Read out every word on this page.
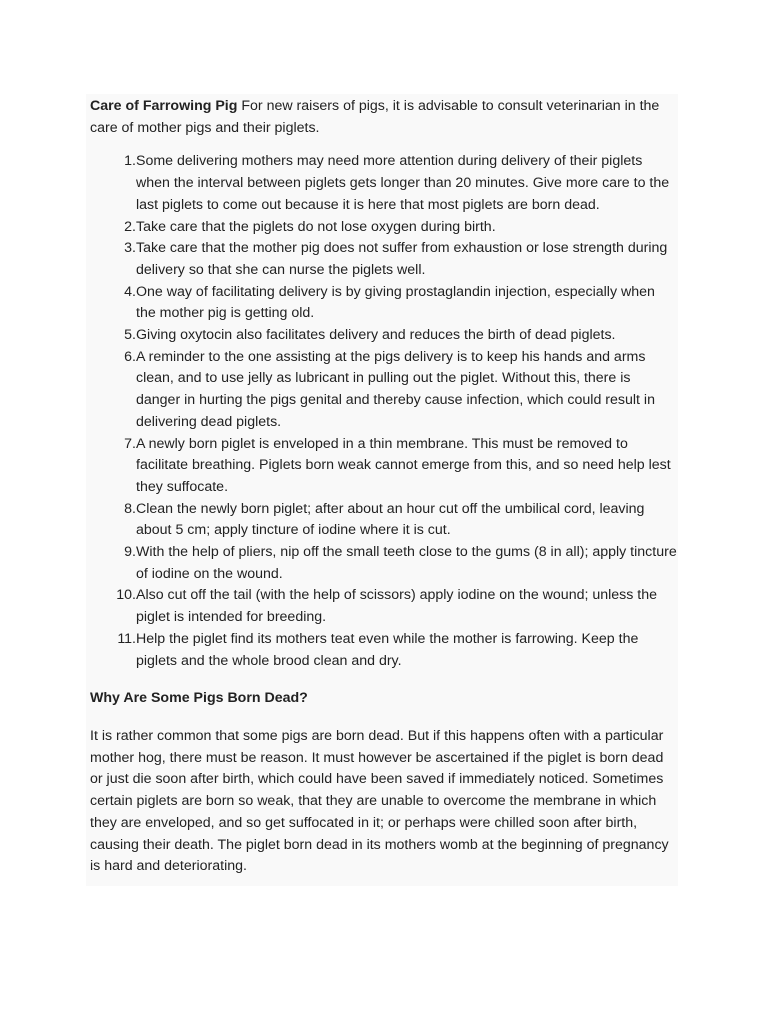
Care of Farrowing Pig For new raisers of pigs, it is advisable to consult veterinarian in the care of mother pigs and their piglets.

1. Some delivering mothers may need more attention during delivery of their piglets when the interval between piglets gets longer than 20 minutes. Give more care to the last piglets to come out because it is here that most piglets are born dead.
2. Take care that the piglets do not lose oxygen during birth.
3. Take care that the mother pig does not suffer from exhaustion or lose strength during delivery so that she can nurse the piglets well.
4. One way of facilitating delivery is by giving prostaglandin injection, especially when the mother pig is getting old.
5. Giving oxytocin also facilitates delivery and reduces the birth of dead piglets.
6. A reminder to the one assisting at the pigs delivery is to keep his hands and arms clean, and to use jelly as lubricant in pulling out the piglet. Without this, there is danger in hurting the pigs genital and thereby cause infection, which could result in delivering dead piglets.
7. A newly born piglet is enveloped in a thin membrane. This must be removed to facilitate breathing. Piglets born weak cannot emerge from this, and so need help lest they suffocate.
8. Clean the newly born piglet; after about an hour cut off the umbilical cord, leaving about 5 cm; apply tincture of iodine where it is cut.
9. With the help of pliers, nip off the small teeth close to the gums (8 in all); apply tincture of iodine on the wound.
10. Also cut off the tail (with the help of scissors) apply iodine on the wound; unless the piglet is intended for breeding.
11. Help the piglet find its mothers teat even while the mother is farrowing. Keep the piglets and the whole brood clean and dry.

Why Are Some Pigs Born Dead?

It is rather common that some pigs are born dead. But if this happens often with a particular mother hog, there must be reason. It must however be ascertained if the piglet is born dead or just die soon after birth, which could have been saved if immediately noticed. Sometimes certain piglets are born so weak, that they are unable to overcome the membrane in which they are enveloped, and so get suffocated in it; or perhaps were chilled soon after birth, causing their death. The piglet born dead in its mothers womb at the beginning of pregnancy is hard and deteriorating.
